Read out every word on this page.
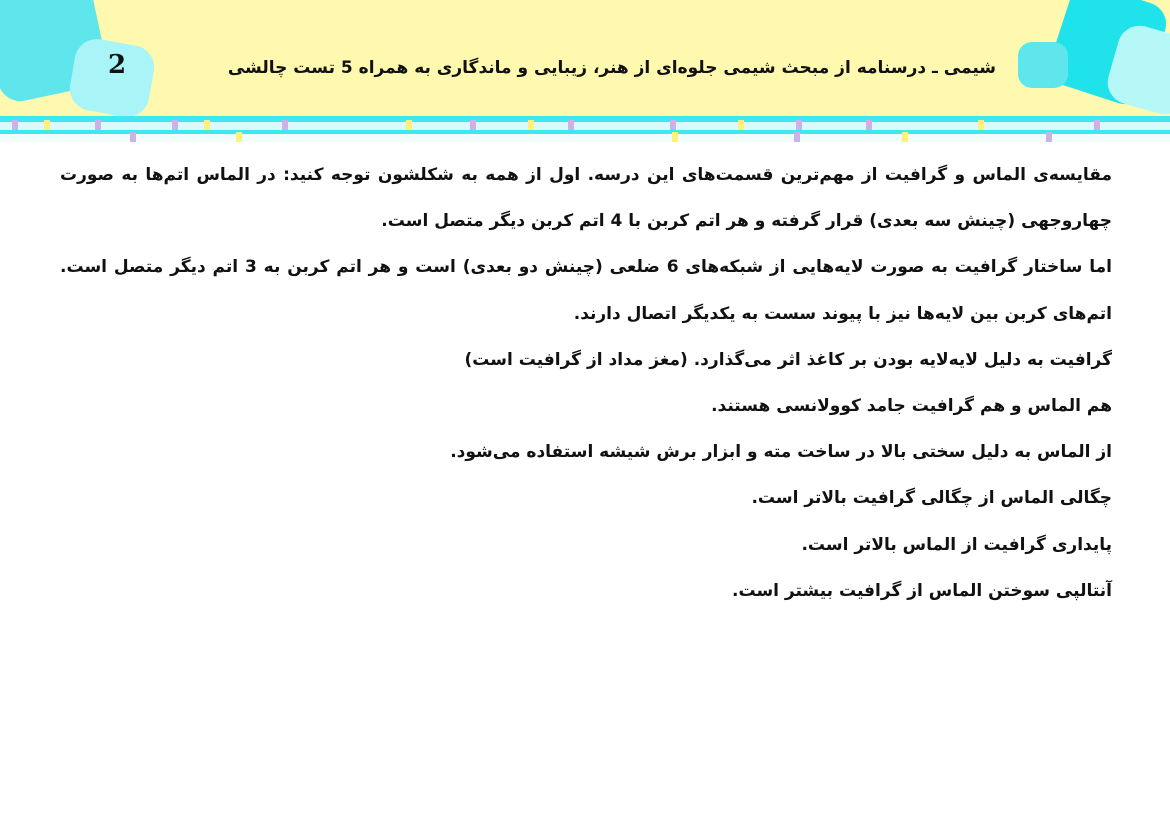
2	شیمی ـ درسنامه از مبحث شیمی جلوه‌ای از هنر، زیبایی و ماندگاری به همراه 5 تست چالشی

مقایسه‌ی الماس و گرافیت از مهم‌ترین قسمت‌های این درسه. اول از همه به شکلشون توجه کنید: در الماس اتم‌ها به صورت چهاروجهی (چینش سه بعدی) قرار گرفته و هر اتم کربن با 4 اتم کربن دیگر متصل است.

اما ساختار گرافیت به صورت لایه‌هایی از شبکه‌های 6 ضلعی (چینش دو بعدی) است و هر اتم کربن به 3 اتم دیگر متصل است. اتم‌های کربن بین لایه‌ها نیز با پیوند سست به یکدیگر اتصال دارند.

گرافیت به دلیل لایه‌لایه بودن بر کاغذ اثر می‌گذارد. (مغز مداد از گرافیت است)

هم الماس و هم گرافیت جامد کوولانسی هستند.

از الماس به دلیل سختی بالا در ساخت مته و ابزار برش شیشه استفاده می‌شود.

چگالی الماس از چگالی گرافیت بالاتر است.

پایداری گرافیت از الماس بالاتر است.

آنتالپی سوختن الماس از گرافیت بیشتر است.
